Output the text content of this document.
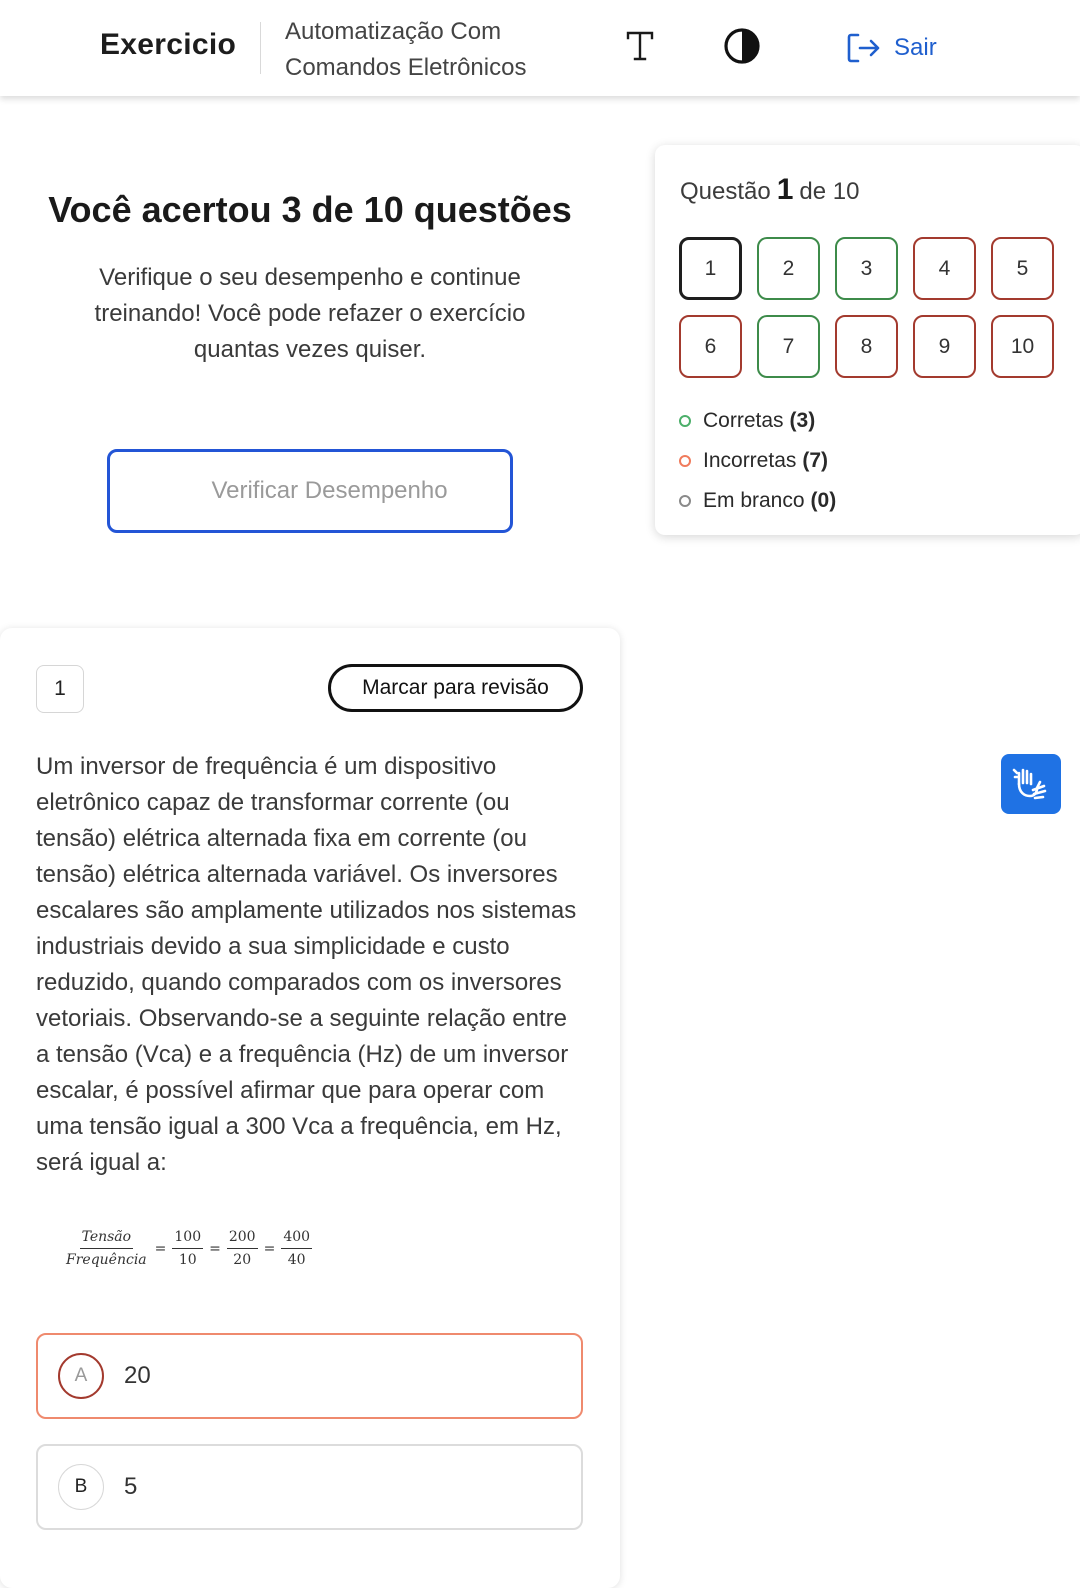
Exercicio Automatização Com
Comandos Eletrônicos
Sair
Você acertou 3 de 10 questões

Verifique o seu desempenho e continue treinando! Você pode refazer o exercício quantas vezes quiser.

Verificar Desempenho
Questão 1 de 10
1	2	3	4	5
6	7	8	9	10
Corretas (3)
Incorretas (7)
Em branco (0)
1	Marcar para revisão

Um inversor de frequência é um dispositivo eletrônico capaz de transformar corrente (ou tensão) elétrica alternada fixa em corrente (ou tensão) elétrica alternada variável. Os inversores escalares são amplamente utilizados nos sistemas industriais devido a sua simplicidade e custo reduzido, quando comparados com os inversores vetoriais. Observando-se a seguinte relação entre a tensão (Vca) e a frequência (Hz) de um inversor escalar, é possível afirmar que para operar com uma tensão igual a 300 Vca a frequência, em Hz, será igual a:

$\frac{\text{Tensão}}{\text{Frequência}} = \frac{100}{10} = \frac{200}{20} = \frac{400}{40}$
A	20
B	5
